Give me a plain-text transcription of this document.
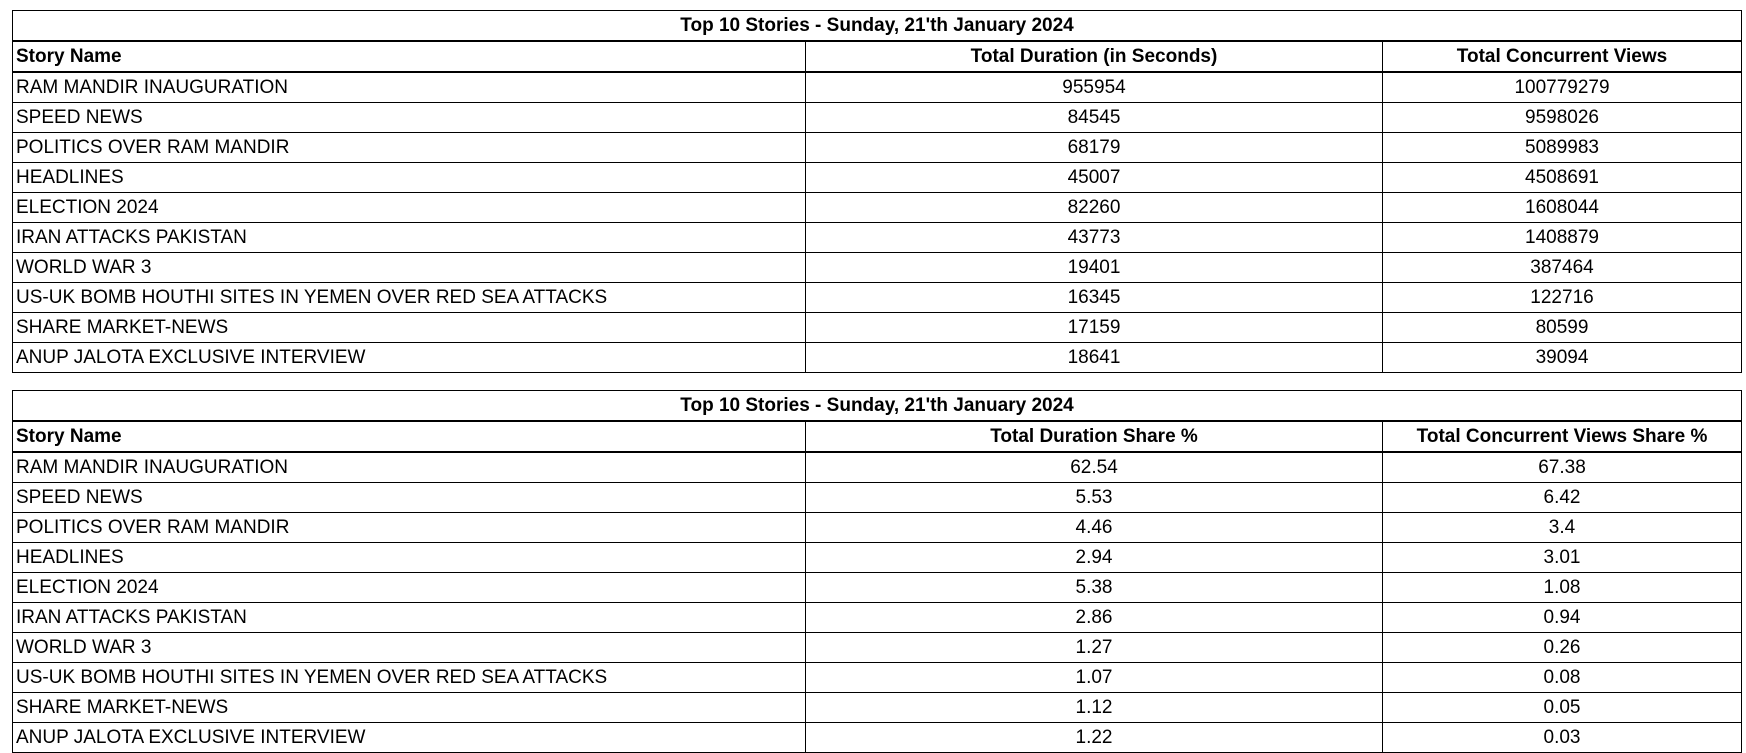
Top 10 Stories - Sunday, 21'th January 2024		
Story Name	Total Duration (in Seconds)	Total Concurrent Views
RAM MANDIR INAUGURATION	955954	100779279
SPEED NEWS	84545	9598026
POLITICS OVER RAM MANDIR	68179	5089983
HEADLINES	45007	4508691
ELECTION 2024	82260	1608044
IRAN ATTACKS PAKISTAN	43773	1408879
WORLD WAR 3	19401	387464
US-UK BOMB HOUTHI SITES IN YEMEN OVER RED SEA ATTACKS	16345	122716
SHARE MARKET-NEWS	17159	80599
ANUP JALOTA EXCLUSIVE INTERVIEW	18641	39094
Top 10 Stories - Sunday, 21'th January 2024		
Story Name	Total Duration Share %	Total Concurrent Views Share %
RAM MANDIR INAUGURATION	62.54	67.38
SPEED NEWS	5.53	6.42
POLITICS OVER RAM MANDIR	4.46	3.4
HEADLINES	2.94	3.01
ELECTION 2024	5.38	1.08
IRAN ATTACKS PAKISTAN	2.86	0.94
WORLD WAR 3	1.27	0.26
US-UK BOMB HOUTHI SITES IN YEMEN OVER RED SEA ATTACKS	1.07	0.08
SHARE MARKET-NEWS	1.12	0.05
ANUP JALOTA EXCLUSIVE INTERVIEW	1.22	0.03
